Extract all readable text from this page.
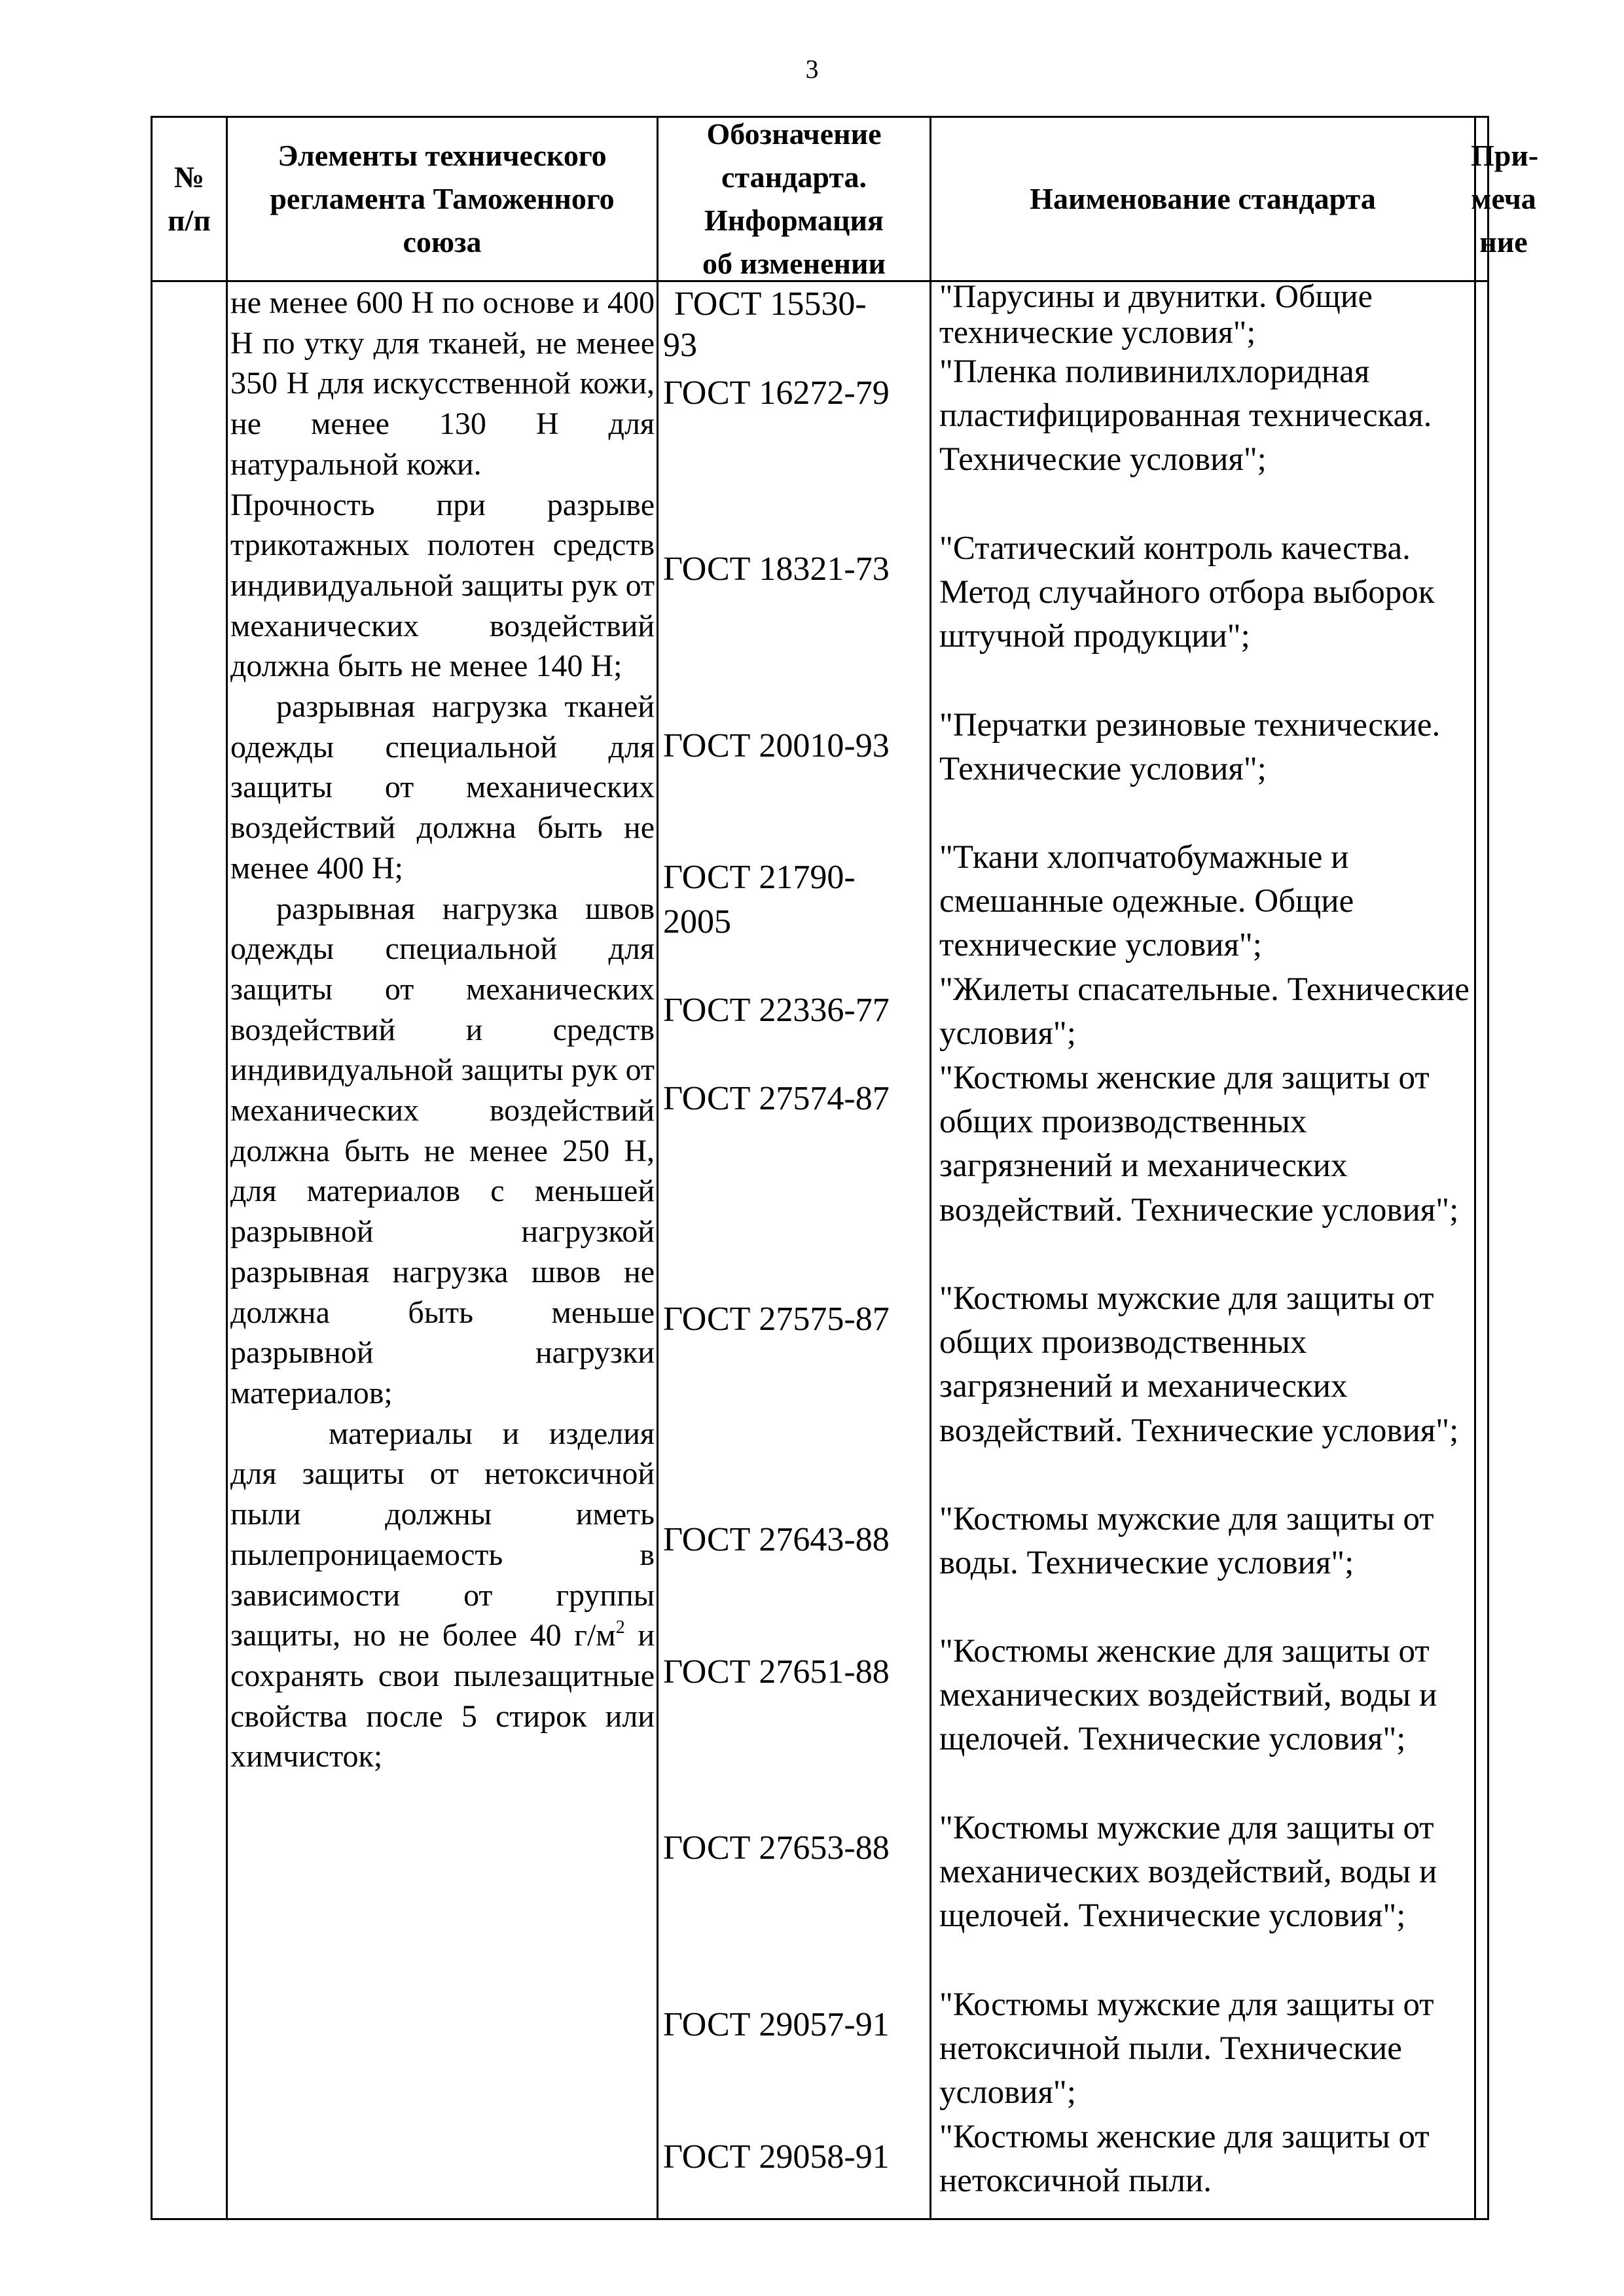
3
№
п/п
Элементы технического
регламента Таможенного
союза
Обозначение
стандарта.
Информация
об изменении
Наименование стандарта
При-
меча
ние
не менее 600 Н по основе и 400 Н по утку для тканей, не менее 350 Н для искусственной кожи, не менее 130 Н для натуральной кожи.
Прочность при разрыве трикотажных полотен средств индивидуальной защиты рук от механических воздействий должна быть не менее 140 Н;
разрывная нагрузка тканей одежды специальной для защиты от механических воздействий должна быть не менее 400 Н;
разрывная нагрузка швов одежды специальной для защиты от механических воздействий и средств индивидуальной защиты рук от механических воздействий должна быть не менее 250 Н, для материалов с меньшей разрывной нагрузкой разрывная нагрузка швов не должна быть меньше разрывной нагрузки материалов;
материалы и изделия для защиты от нетоксичной пыли должны иметь пылепроницаемость в зависимости от группы защиты, но не более 40 $г/м^2$ и сохранять свои пылезащитные свойства после 5 стирок или химчисток;
ГОСТ 15530-
93
ГОСТ 16272-79
ГОСТ 18321-73
ГОСТ 20010-93
ГОСТ 21790-
2005
ГОСТ 22336-77
ГОСТ 27574-87
ГОСТ 27575-87
ГОСТ 27643-88
ГОСТ 27651-88
ГОСТ 27653-88
ГОСТ 29057-91
ГОСТ 29058-91
"Парусины и двунитки. Общие технические условия";
"Пленка поливинилхлоридная пластифицированная техническая. Технические условия";
"Статический контроль качества. Метод случайного отбора выборок штучной продукции";
"Перчатки резиновые технические. Технические условия";
"Ткани хлопчатобумажные и смешанные одежные. Общие технические условия";
"Жилеты спасательные. Технические условия";
"Костюмы женские для защиты от общих производственных загрязнений и механических воздействий. Технические условия";
"Костюмы мужские для защиты от общих производственных загрязнений и механических воздействий. Технические условия";
"Костюмы мужские для защиты от воды. Технические условия";
"Костюмы женские для защиты от механических воздействий, воды и щелочей. Технические условия";
"Костюмы мужские для защиты от механических воздействий, воды и щелочей. Технические условия";
"Костюмы мужские для защиты от нетоксичной пыли. Технические условия";
"Костюмы женские для защиты от нетоксичной пыли.
